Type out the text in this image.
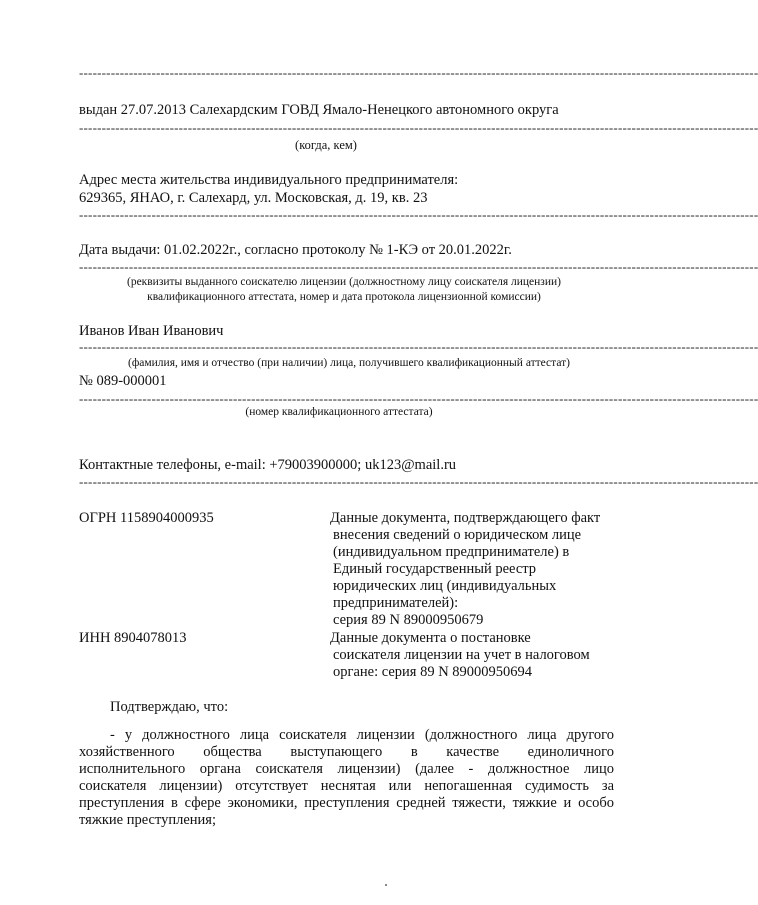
------------------------------------------------------------------------------------------------------------------------------------------------------
выдан 27.07.2013 Салехардским ГОВД Ямало-Ненецкого автономного округа
------------------------------------------------------------------------------------------------------------------------------------------------------
(когда, кем)
Адрес места жительства индивидуального предпринимателя:
629365, ЯНАО, г. Салехард, ул. Московская, д. 19, кв. 23
------------------------------------------------------------------------------------------------------------------------------------------------------
Дата выдачи: 01.02.2022г., согласно протоколу № 1-КЭ от 20.01.2022г.
------------------------------------------------------------------------------------------------------------------------------------------------------
(реквизиты выданного соискателю лицензии (должностному лицу соискателя лицензии)
квалификационного аттестата, номер и дата протокола лицензионной комиссии)
Иванов Иван Иванович
------------------------------------------------------------------------------------------------------------------------------------------------------
(фамилия, имя и отчество (при наличии) лица, получившего квалификационный аттестат)
№ 089-000001
------------------------------------------------------------------------------------------------------------------------------------------------------
(номер квалификационного аттестата)
Контактные телефоны, e-mail: +79003900000; uk123@mail.ru
------------------------------------------------------------------------------------------------------------------------------------------------------
ОГРН 1158904000935	Данные документа, подтверждающего факт
внесения сведений о юридическом лице
(индивидуальном предпринимателе) в
Единый государственный реестр
юридических лиц (индивидуальных
предпринимателей):
серия 89 N 89000950679
ИНН 8904078013	Данные документа о постановке
соискателя лицензии на учет в налоговом
органе: серия 89 N 89000950694
Подтверждаю, что:
- у должностного лица соискателя лицензии (должностного лица другого
хозяйственного общества выступающего в качестве единоличного
исполнительного органа соискателя лицензии) (далее - должностное лицо
соискателя лицензии) отсутствует неснятая или непогашенная судимость за
преступления в сфере экономики, преступления средней тяжести, тяжкие и особо
тяжкие преступления;
